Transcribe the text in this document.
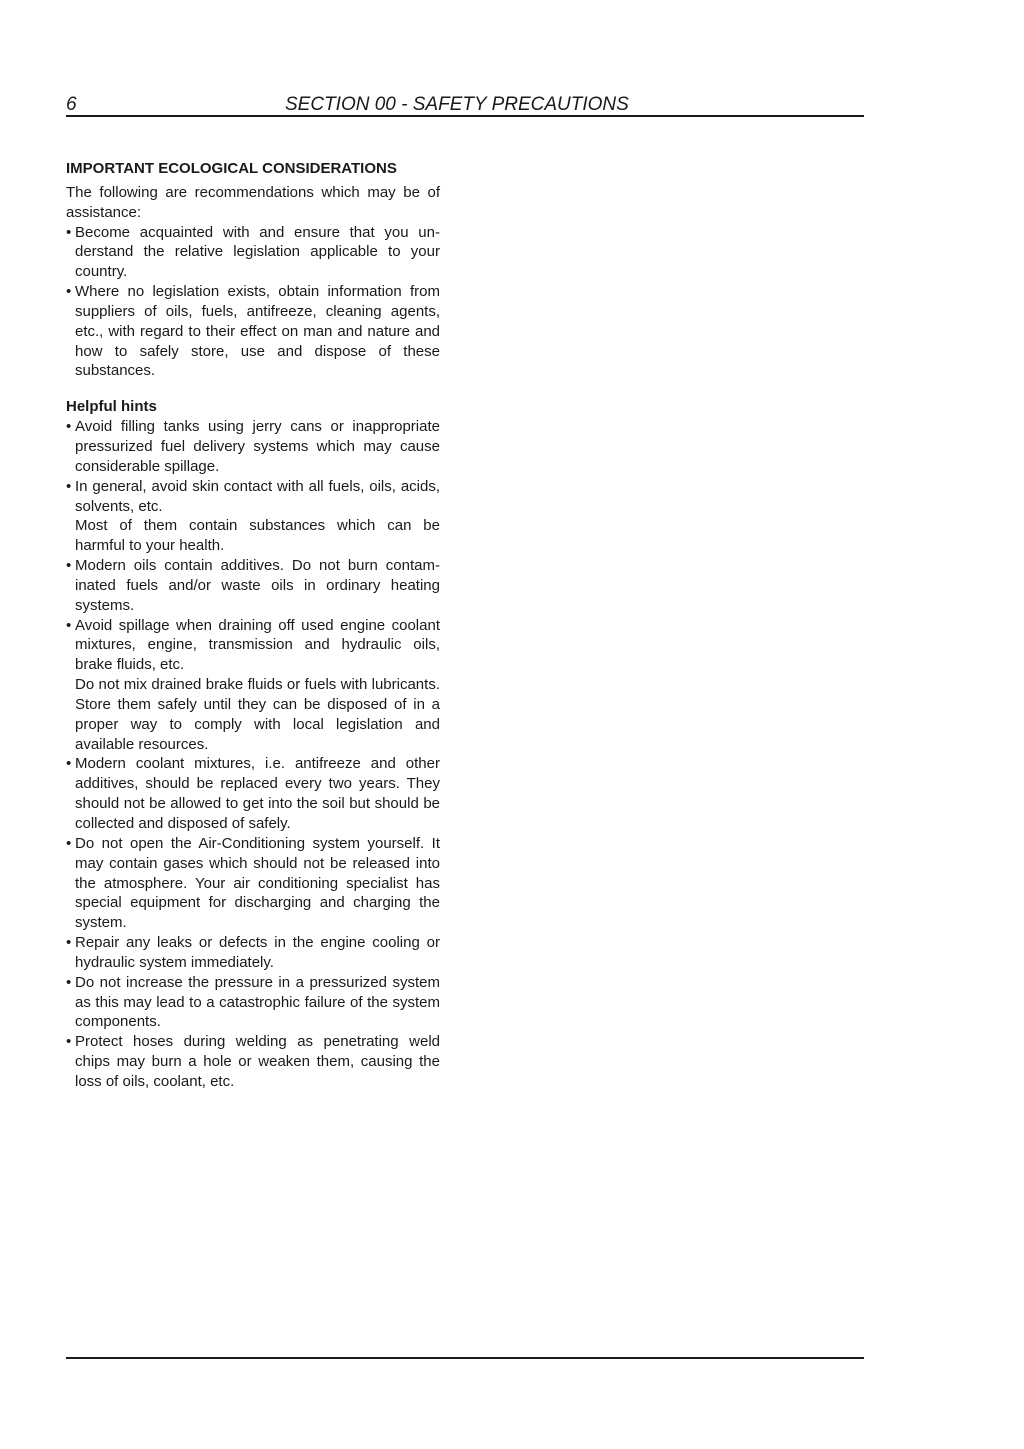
6	SECTION 00 - SAFETY PRECAUTIONS
IMPORTANT ECOLOGICAL CONSIDERATIONS

The following are recommendations which may be of assistance:

• Become acquainted with and ensure that you understand the relative legislation applicable to your country.
• Where no legislation exists, obtain information from suppliers of oils, fuels, antifreeze, cleaning agents, etc., with regard to their effect on man and nature and how to safely store, use and dispose of these substances.
Helpful hints
• Avoid filling tanks using jerry cans or inappropriate pressurized fuel delivery systems which may cause considerable spillage.
• In general, avoid skin contact with all fuels, oils, acids, solvents, etc.
Most of them contain substances which can be harmful to your health.
• Modern oils contain additives. Do not burn contaminated fuels and/or waste oils in ordinary heating systems.
• Avoid spillage when draining off used engine coolant mixtures, engine, transmission and hydraulic oils, brake fluids, etc.
Do not mix drained brake fluids or fuels with lubricants. Store them safely until they can be disposed of in a proper way to comply with local legislation and available resources.
• Modern coolant mixtures, i.e. antifreeze and other additives, should be replaced every two years. They should not be allowed to get into the soil but should be collected and disposed of safely.
• Do not open the Air-Conditioning system yourself. It may contain gases which should not be released into the atmosphere. Your air conditioning specialist has special equipment for discharging and charging the system.
• Repair any leaks or defects in the engine cooling or hydraulic system immediately.
• Do not increase the pressure in a pressurized system as this may lead to a catastrophic failure of the system components.
• Protect hoses during welding as penetrating weld chips may burn a hole or weaken them, causing the loss of oils, coolant, etc.
